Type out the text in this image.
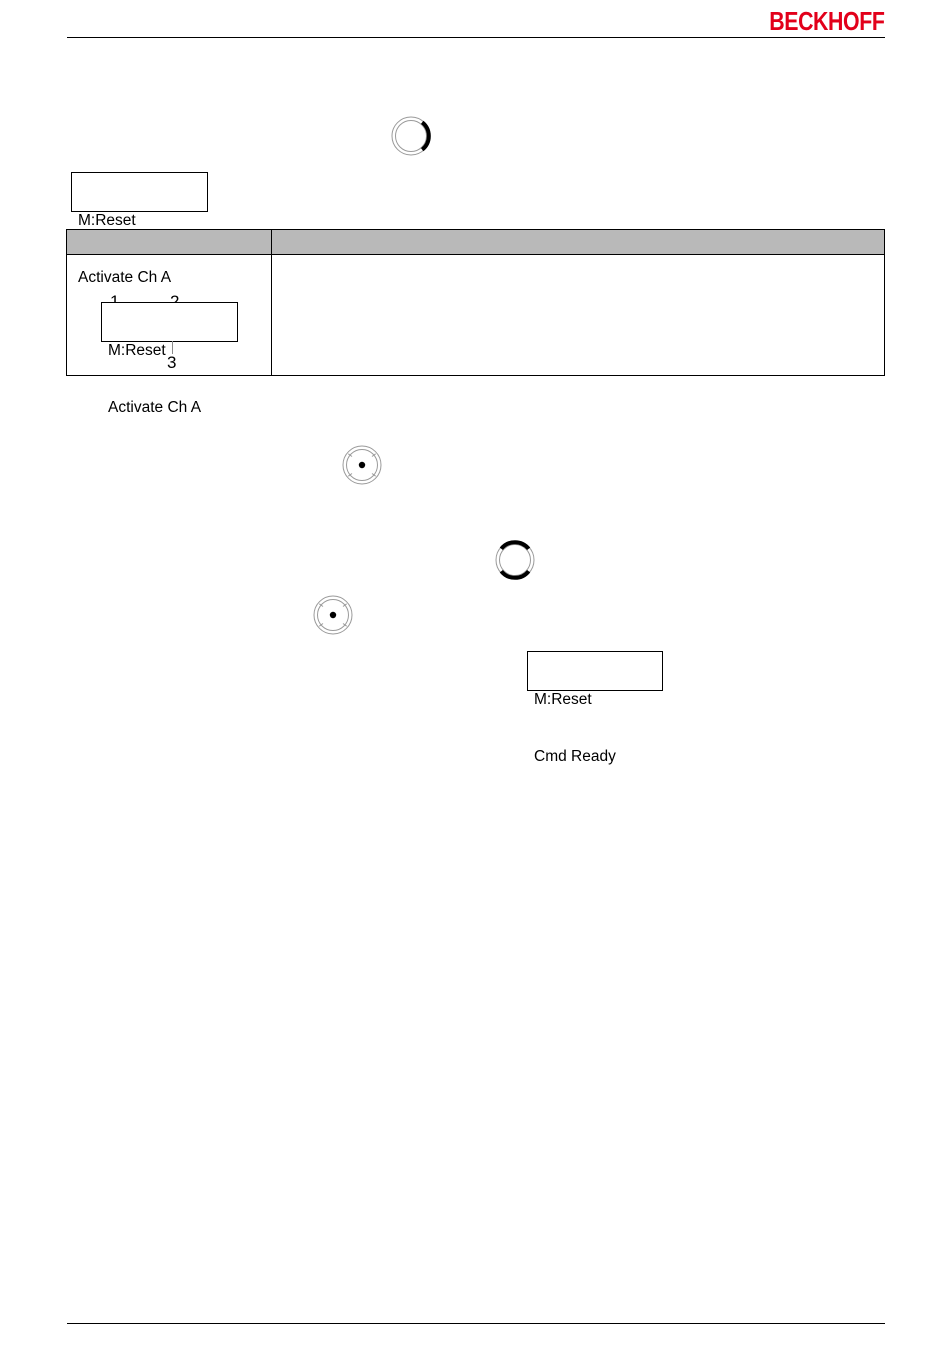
BECKHOFF

M:Reset

Activate Ch A

M:Reset

Activate Ch A

3	

M:Reset

Cmd Ready
